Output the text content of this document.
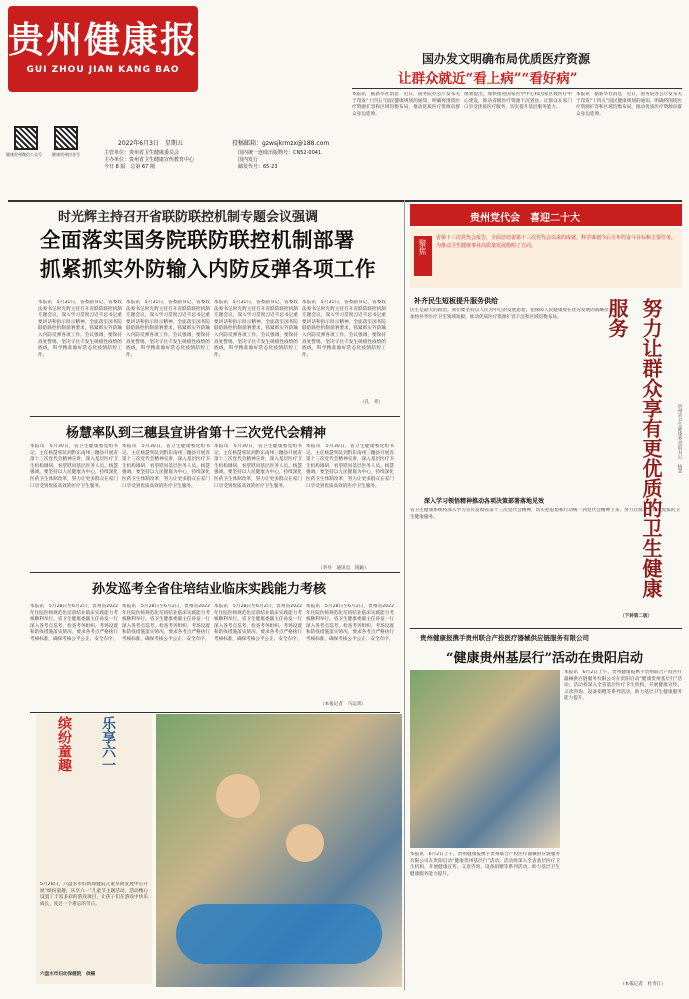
贵州健康报
GUI ZHOU JIAN KANG BAO
2022年6月3日　星期五	投稿邮箱：gzwsjkrmzx@188.com
健康贵州微信公众号	健康贵州抖音号	主管单位：贵州省卫生健康委员会
主办单位：贵州省卫生健康宣传教育中心
今日 8 版　总第 67 期
国内统一连续出版物号：CN52-0041
国内发行
邮发代号：65-23
国办发文明确布局优质医疗资源
让群众就近“看上病”“看好病”
本报讯　据新华社消息　近日，国务院办公厅发布关于印发“十四五”国民健康规划的通知，明确将围绕医疗资源扩容和区域均衡布局，推动优质医疗资源向群众身边延伸。
规划提出，加快推进国家医学中心和国家区域医疗中心建设，推动省级医疗资源下沉到县，让群众在家门口享受优质医疗服务，切实提升基层服务能力。
本报讯　据新华社消息　近日，国务院办公厅发布关于印发“十四五”国民健康规划的通知，明确将围绕医疗资源扩容和区域均衡布局，推动优质医疗资源向群众身边延伸。
时光辉主持召开省联防联控机制专题会议强调
全面落实国务院联防联控机制部署
抓紧抓实外防输入内防反弹各项工作
本报讯　5月31日，省委副书记、省委政法委书记时光辉主持召开省联防联控机制专题会议，深入学习贯彻习近平总书记重要讲话和指示批示精神，全面落实国务院联防联控机制部署要求，抓紧抓实外防输入内防反弹各项工作。会议强调，要保持高度警惕，坚决守住不发生规模性疫情的底线，科学精准做好常态化疫情防控工作。
本报讯　5月31日，省委副书记、省委政法委书记时光辉主持召开省联防联控机制专题会议，深入学习贯彻习近平总书记重要讲话和指示批示精神，全面落实国务院联防联控机制部署要求，抓紧抓实外防输入内防反弹各项工作。会议强调，要保持高度警惕，坚决守住不发生规模性疫情的底线，科学精准做好常态化疫情防控工作。
本报讯　5月31日，省委副书记、省委政法委书记时光辉主持召开省联防联控机制专题会议，深入学习贯彻习近平总书记重要讲话和指示批示精神，全面落实国务院联防联控机制部署要求，抓紧抓实外防输入内防反弹各项工作。会议强调，要保持高度警惕，坚决守住不发生规模性疫情的底线，科学精准做好常态化疫情防控工作。
本报讯　5月31日，省委副书记、省委政法委书记时光辉主持召开省联防联控机制专题会议，深入学习贯彻习近平总书记重要讲话和指示批示精神，全面落实国务院联防联控机制部署要求，抓紧抓实外防输入内防反弹各项工作。会议强调，要保持高度警惕，坚决守住不发生规模性疫情的底线，科学精准做好常态化疫情防控工作。
（孔　青）
杨慧率队到三穗县宣讲省第十三次党代会精神
本报讯　5月30日，省卫生健康委党组书记、主任杨慧率队到黔东南州三穗县开展省第十三次党代会精神宣讲，深入基层医疗卫生机构调研，看望慰问基层医务人员。杨慧强调，要坚持以人民健康为中心，持续深化医药卫生体制改革，努力让更多群众在家门口享受到优质高效的医疗卫生服务。
本报讯　5月30日，省卫生健康委党组书记、主任杨慧率队到黔东南州三穗县开展省第十三次党代会精神宣讲，深入基层医疗卫生机构调研，看望慰问基层医务人员。杨慧强调，要坚持以人民健康为中心，持续深化医药卫生体制改革，努力让更多群众在家门口享受到优质高效的医疗卫生服务。
本报讯　5月30日，省卫生健康委党组书记、主任杨慧率队到黔东南州三穗县开展省第十三次党代会精神宣讲，深入基层医疗卫生机构调研，看望慰问基层医务人员。杨慧强调，要坚持以人民健康为中心，持续深化医药卫生体制改革，努力让更多群众在家门口享受到优质高效的医疗卫生服务。
本报讯　5月30日，省卫生健康委党组书记、主任杨慧率队到黔东南州三穗县开展省第十三次党代会精神宣讲，深入基层医疗卫生机构调研，看望慰问基层医务人员。杨慧强调，要坚持以人民健康为中心，持续深化医药卫生体制改革，努力让更多群众在家门口享受到优质高效的医疗卫生服务。
（李丹　通讯员　钱颖）
孙发巡考全省住培结业临床实践能力考核
本报讯　5月28日至6月2日，贵州省2022年住院医师规范化培训结业临床实践能力考核顺利举行。省卫生健康委副主任孙发一行深入各考点巡考，检查考务组织、考场设置和防疫措施落实情况，要求各考点严格执行考核标准，确保考核公平公正、安全有序。
本报讯　5月28日至6月2日，贵州省2022年住院医师规范化培训结业临床实践能力考核顺利举行。省卫生健康委副主任孙发一行深入各考点巡考，检查考务组织、考场设置和防疫措施落实情况，要求各考点严格执行考核标准，确保考核公平公正、安全有序。
本报讯　5月28日至6月2日，贵州省2022年住院医师规范化培训结业临床实践能力考核顺利举行。省卫生健康委副主任孙发一行深入各考点巡考，检查考务组织、考场设置和防疫措施落实情况，要求各考点严格执行考核标准，确保考核公平公正、安全有序。
本报讯　5月28日至6月2日，贵州省2022年住院医师规范化培训结业临床实践能力考核顺利举行。省卫生健康委副主任孙发一行深入各考点巡考，检查考务组织、考场设置和防疫措施落实情况，要求各考点严格执行考核标准，确保考核公平公正、安全有序。
（本报记者　马运霄）
缤纷童趣	乐享六一
5月28日，六盘水市妇幼保健院儿童早期发展中心开展“缤纷童趣，乐享六一”儿童节主题活动。活动精心设置了丰富多彩的游戏项目，让孩子们在游戏中快乐成长，度过一个难忘的节日。
六盘水市妇幼保健院　供稿
贵州党代会　喜迎二十大
聚焦
省第十三次党代会报告，全面总结省第十三次党代会以来的成就，科学谋划今后五年的奋斗目标和主要任务，为推动卫生健康事业高质量发展指明了方向。
补齐民生短板提升服务供给
民生是最大的政治。我们要坚持以人民为中心的发展思想，把保障人民健康放在优先发展的战略位置，加快补齐医疗卫生领域短板，推动优质医疗资源扩容下沉和区域均衡布局。
深入学习领悟精神推动各项决策部署落地见效
省卫生健康系统将深入学习宣传贯彻省第十三次党代会精神，切实把思想和行动统一到党代会精神上来，努力让群众享有更优质的卫生健康服务。
（下转第二版）
努力让群众享有更优质的卫生健康服务
贵州省卫生健康委党组书记　杨慧
贵州健康报携手贵州联合产投医疗器械供应链服务有限公司
“健康贵州基层行”活动在贵阳启动
本报讯　6月2日上午，贵州健康报携手贵州联合产投医疗器械供应链服务有限公司在贵阳启动“健康贵州基层行”活动。活动将深入全省基层医疗卫生机构，开展健康宣传、义诊咨询、设备捐赠等系列活动，助力基层卫生健康服务能力提升。
本报讯　6月2日上午，贵州健康报携手贵州联合产投医疗器械供应链服务有限公司在贵阳启动“健康贵州基层行”活动。活动将深入全省基层医疗卫生机构，开展健康宣传、义诊咨询、设备捐赠等系列活动，助力基层卫生健康服务能力提升。
（本报记者　杜寿江）
